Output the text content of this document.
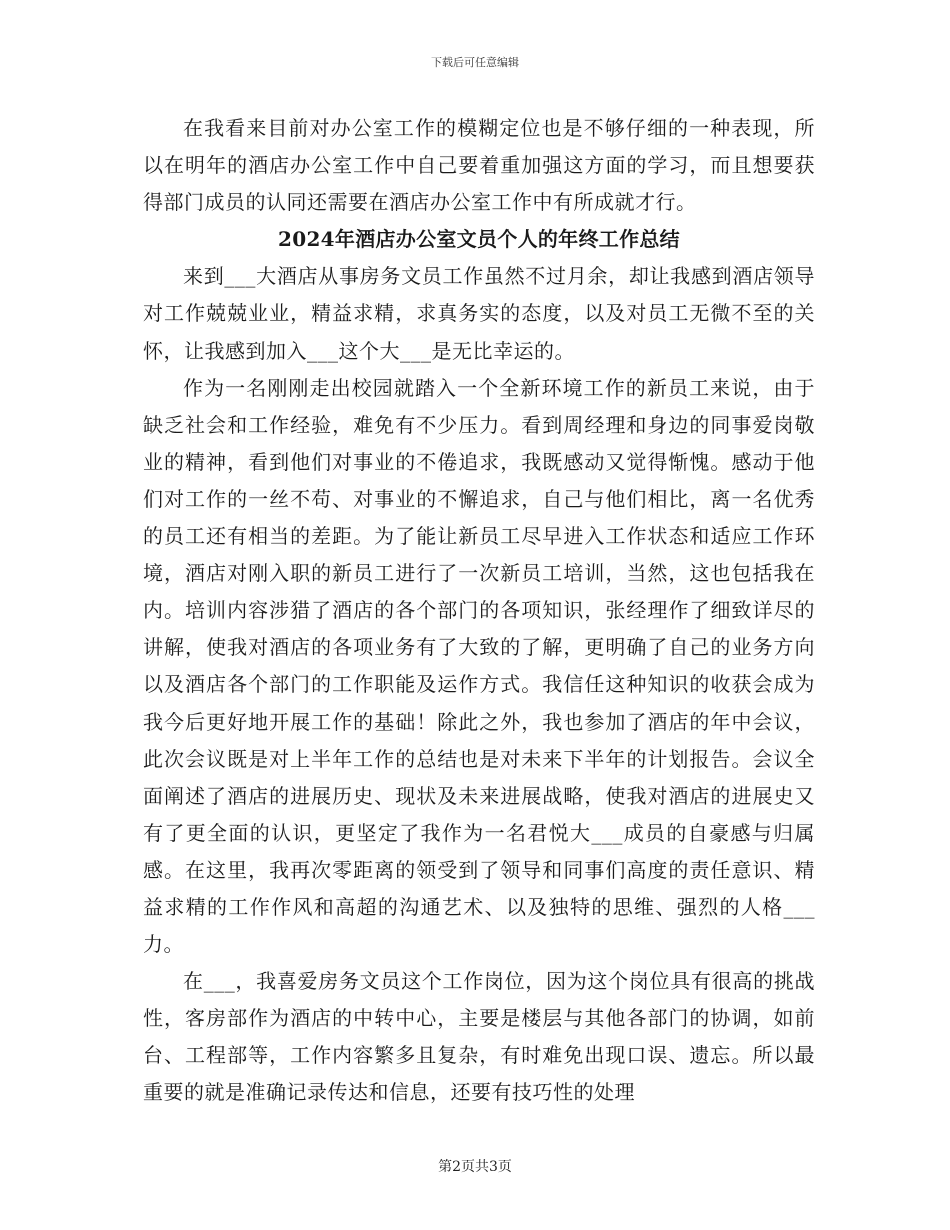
下载后可任意编辑

在我看来目前对办公室工作的模糊定位也是不够仔细的一种表现，所以在明年的酒店办公室工作中自己要着重加强这方面的学习，而且想要获得部门成员的认同还需要在酒店办公室工作中有所成就才行。

2024年酒店办公室文员个人的年终工作总结

来到___大酒店从事房务文员工作虽然不过月余，却让我感到酒店领导对工作兢兢业业，精益求精，求真务实的态度，以及对员工无微不至的关怀，让我感到加入___这个大___是无比幸运的。

作为一名刚刚走出校园就踏入一个全新环境工作的新员工来说，由于缺乏社会和工作经验，难免有不少压力。看到周经理和身边的同事爱岗敬业的精神，看到他们对事业的不倦追求，我既感动又觉得惭愧。感动于他们对工作的一丝不苟、对事业的不懈追求，自己与他们相比，离一名优秀的员工还有相当的差距。为了能让新员工尽早进入工作状态和适应工作环境，酒店对刚入职的新员工进行了一次新员工培训，当然，这也包括我在内。培训内容涉猎了酒店的各个部门的各项知识，张经理作了细致详尽的讲解，使我对酒店的各项业务有了大致的了解，更明确了自己的业务方向以及酒店各个部门的工作职能及运作方式。我信任这种知识的收获会成为我今后更好地开展工作的基础！除此之外，我也参加了酒店的年中会议，此次会议既是对上半年工作的总结也是对未来下半年的计划报告。会议全面阐述了酒店的进展历史、现状及未来进展战略，使我对酒店的进展史又有了更全面的认识，更坚定了我作为一名君悦大___成员的自豪感与归属感。在这里，我再次零距离的领受到了领导和同事们高度的责任意识、精益求精的工作作风和高超的沟通艺术、以及独特的思维、强烈的人格___力。

在___，我喜爱房务文员这个工作岗位，因为这个岗位具有很高的挑战性，客房部作为酒店的中转中心，主要是楼层与其他各部门的协调，如前台、工程部等，工作内容繁多且复杂，有时难免出现口误、遗忘。所以最重要的就是准确记录传达和信息，还要有技巧性的处理

第2页共3页
